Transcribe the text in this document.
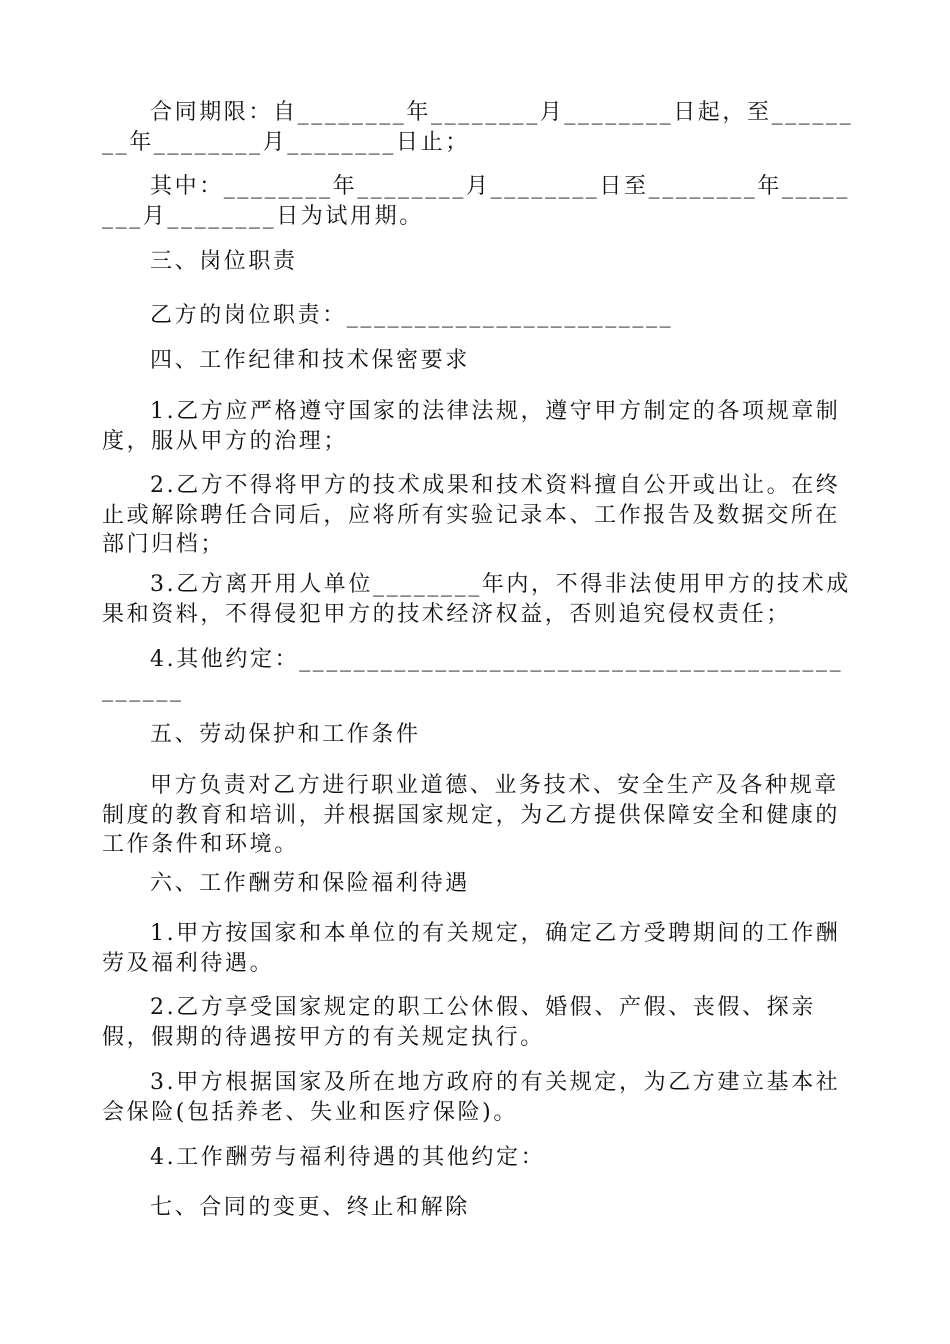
合同期限：自________年________月________日起，至________年________月________日止；

其中：________年________月________日至________年________月________日为试用期。

三、岗位职责

乙方的岗位职责：________________________

四、工作纪律和技术保密要求

1.乙方应严格遵守国家的法律法规，遵守甲方制定的各项规章制度，服从甲方的治理；

2.乙方不得将甲方的技术成果和技术资料擅自公开或出让。在终止或解除聘任合同后，应将所有实验记录本、工作报告及数据交所在部门归档；

3.乙方离开用人单位________年内，不得非法使用甲方的技术成果和资料，不得侵犯甲方的技术经济权益，否则追究侵权责任；

4.其他约定：______________________________________________

五、劳动保护和工作条件

甲方负责对乙方进行职业道德、业务技术、安全生产及各种规章制度的教育和培训，并根据国家规定，为乙方提供保障安全和健康的工作条件和环境。

六、工作酬劳和保险福利待遇

1.甲方按国家和本单位的有关规定，确定乙方受聘期间的工作酬劳及福利待遇。

2.乙方享受国家规定的职工公休假、婚假、产假、丧假、探亲假，假期的待遇按甲方的有关规定执行。

3.甲方根据国家及所在地方政府的有关规定，为乙方建立基本社会保险(包括养老、失业和医疗保险)。

4.工作酬劳与福利待遇的其他约定：

七、合同的变更、终止和解除
